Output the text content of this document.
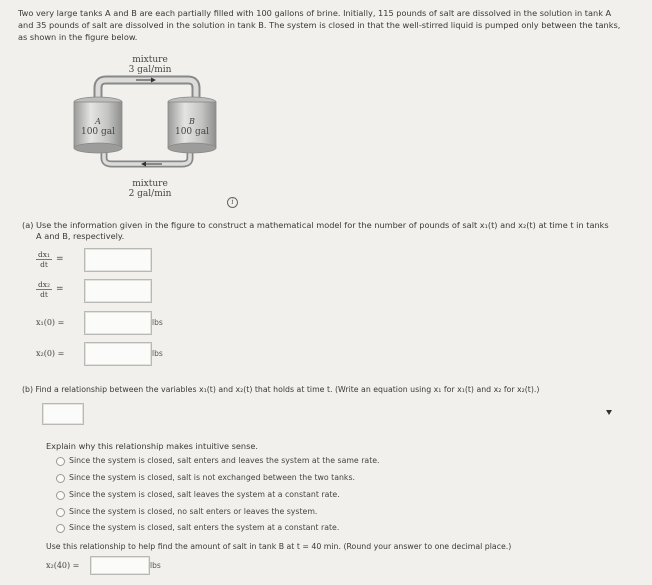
Two very large tanks A and B are each partially filled with 100 gallons of brine. Initially, 115 pounds of salt are dissolved in the solution in tank A
and 35 pounds of salt are dissolved in the solution in tank B. The system is closed in that the well-stirred liquid is pumped only between the tanks,
as shown in the figure below.
mixture
3 gal/min
A
100 gal
B
100 gal
mixture
2 gal/min
i
(a) Use the information given in the figure to construct a mathematical model for the number of pounds of salt x₁(t) and x₂(t) at time t in tanks
A and B, respectively.
$\frac{\text{dx₁}}{dt}$ =
$\frac{\text{dx₂}}{dt}$ =
x₁(0) =	lbs
x₂(0) =	lbs
(b) Find a relationship between the variables x₁(t) and x₂(t) that holds at time t. (Write an equation using x₁ for x₁(t) and x₂ for x₂(t).)
Explain why this relationship makes intuitive sense.
Since the system is closed, salt enters and leaves the system at the same rate.
Since the system is closed, salt is not exchanged between the two tanks.
Since the system is closed, salt leaves the system at a constant rate.
Since the system is closed, no salt enters or leaves the system.
Since the system is closed, salt enters the system at a constant rate.
Use this relationship to help find the amount of salt in tank B at t = 40 min. (Round your answer to one decimal place.)
x₂(40) =	lbs
